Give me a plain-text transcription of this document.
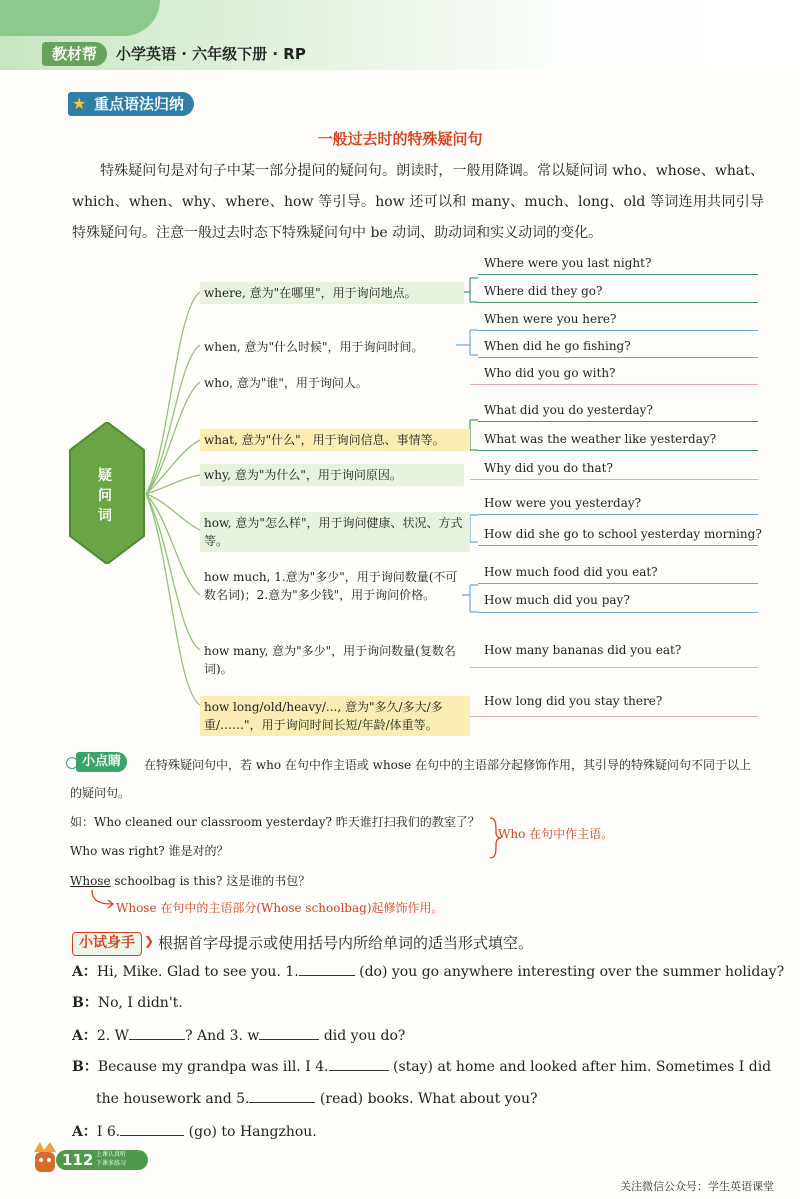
教材帮	小学英语 · 六年级下册 · RP
重点语法归纳
★
一般过去时的特殊疑问句

特殊疑问句是对句子中某一部分提问的疑问句。朗读时，一般用降调。常以疑问词 who、whose、what、which、when、why、where、how 等引导。how 还可以和 many、much、long、old 等词连用共同引导特殊疑问句。注意一般过去时态下特殊疑问句中 be 动词、助动词和实义动词的变化。

疑问词
where, 意为"在哪里"，用于询问地点。
when, 意为"什么时候"，用于询问时间。
who, 意为"谁"，用于询问人。
what, 意为"什么"，用于询问信息、事情等。
why, 意为"为什么"，用于询问原因。
how, 意为"怎么样"，用于询问健康、状况、方式等。
how much, 1.意为"多少"，用于询问数量(不可数名词)；2.意为"多少钱"，用于询问价格。
how many, 意为"多少"，用于询问数量(复数名词)。
how long/old/heavy/..., 意为"多久/多大/多重/……"，用于询问时间长短/年龄/体重等。
Where were you last night?
Where did they go?
When were you here?
When did he go fishing?
Who did you go with?
What did you do yesterday?
What was the weather like yesterday?
Why did you do that?
How were you yesterday?
How did she go to school yesterday morning?
How much food did you eat?
How much did you pay?
How many bananas did you eat?
How long did you stay there?
小点睛	在特殊疑问句中，若 who 在句中作主语或 whose 在句中的主语部分起修饰作用，其引导的特殊疑问句不同于以上的疑问句。
如：Who cleaned our classroom yesterday? 昨天谁打扫我们的教室了？
Who was right? 谁是对的？
Who 在句中作主语。
Whose schoolbag is this? 这是谁的书包？
Whose 在句中的主语部分(Whose schoolbag)起修饰作用。
小试身手 ❯ 根据首字母提示或使用括号内所给单词的适当形式填空。
A：Hi, Mike. Glad to see you. 1.	(do) you go anywhere interesting over the summer holiday?
B：No, I didn't.
A：2. W	? And 3. w	did you do?
B：Because my grandpa was ill. I 4.	(stay) at home and looked after him. Sometimes I did
the housework and 5.	(read) books. What about you?
A：I 6.	(go) to Hangzhou.
112 上课认真听
下课多练习
关注微信公众号：学生英语课堂
